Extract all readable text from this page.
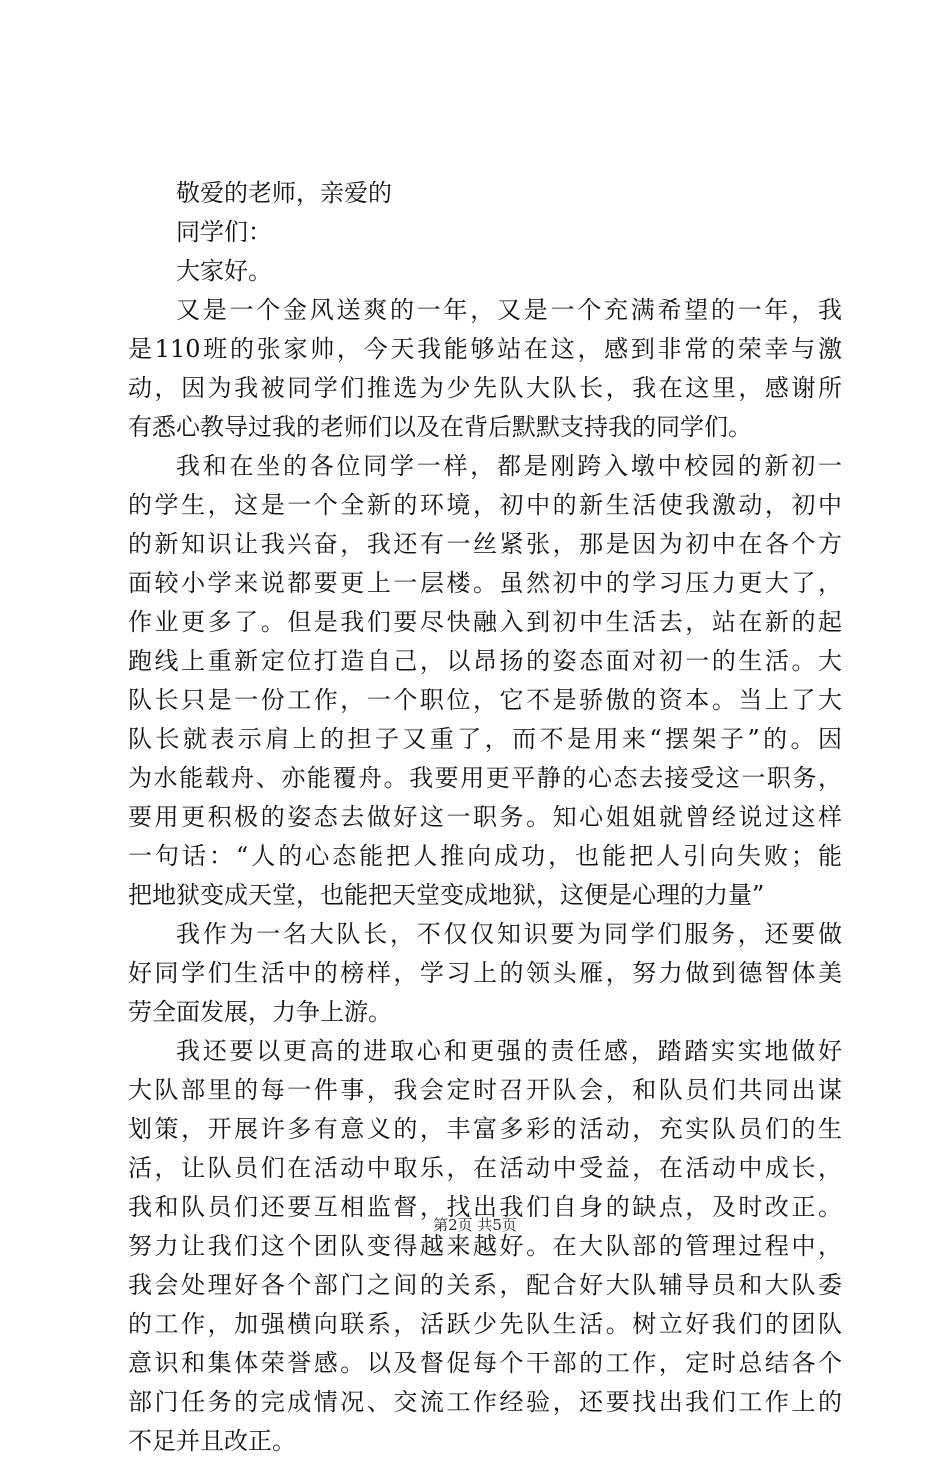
敬爱的老师，亲爱的
同学们：
大家好。
又是一个金风送爽的一年，又是一个充满希望的一年，我
是110班的张家帅，今天我能够站在这，感到非常的荣幸与激
动，因为我被同学们推选为少先队大队长，我在这里，感谢所
有悉心教导过我的老师们以及在背后默默支持我的同学们。
我和在坐的各位同学一样，都是刚跨入墩中校园的新初一
的学生，这是一个全新的环境，初中的新生活使我激动，初中
的新知识让我兴奋，我还有一丝紧张，那是因为初中在各个方
面较小学来说都要更上一层楼。虽然初中的学习压力更大了，
作业更多了。但是我们要尽快融入到初中生活去，站在新的起
跑线上重新定位打造自己，以昂扬的姿态面对初一的生活。大
队长只是一份工作，一个职位，它不是骄傲的资本。当上了大
队长就表示肩上的担子又重了，而不是用来“摆架子”的。因
为水能载舟、亦能覆舟。我要用更平静的心态去接受这一职务，
要用更积极的姿态去做好这一职务。知心姐姐就曾经说过这样
一句话：“人的心态能把人推向成功，也能把人引向失败；能
把地狱变成天堂，也能把天堂变成地狱，这便是心理的力量”
我作为一名大队长，不仅仅知识要为同学们服务，还要做
好同学们生活中的榜样，学习上的领头雁，努力做到德智体美
劳全面发展，力争上游。
我还要以更高的进取心和更强的责任感，踏踏实实地做好
大队部里的每一件事，我会定时召开队会，和队员们共同出谋
划策，开展许多有意义的，丰富多彩的活动，充实队员们的生
活，让队员们在活动中取乐，在活动中受益，在活动中成长，
我和队员们还要互相监督，找出我们自身的缺点，及时改正。
努力让我们这个团队变得越来越好。在大队部的管理过程中，
我会处理好各个部门之间的关系，配合好大队辅导员和大队委
的工作，加强横向联系，活跃少先队生活。树立好我们的团队
意识和集体荣誉感。以及督促每个干部的工作，定时总结各个
部门任务的完成情况、交流工作经验，还要找出我们工作上的
不足并且改正。
第2页 共5页
